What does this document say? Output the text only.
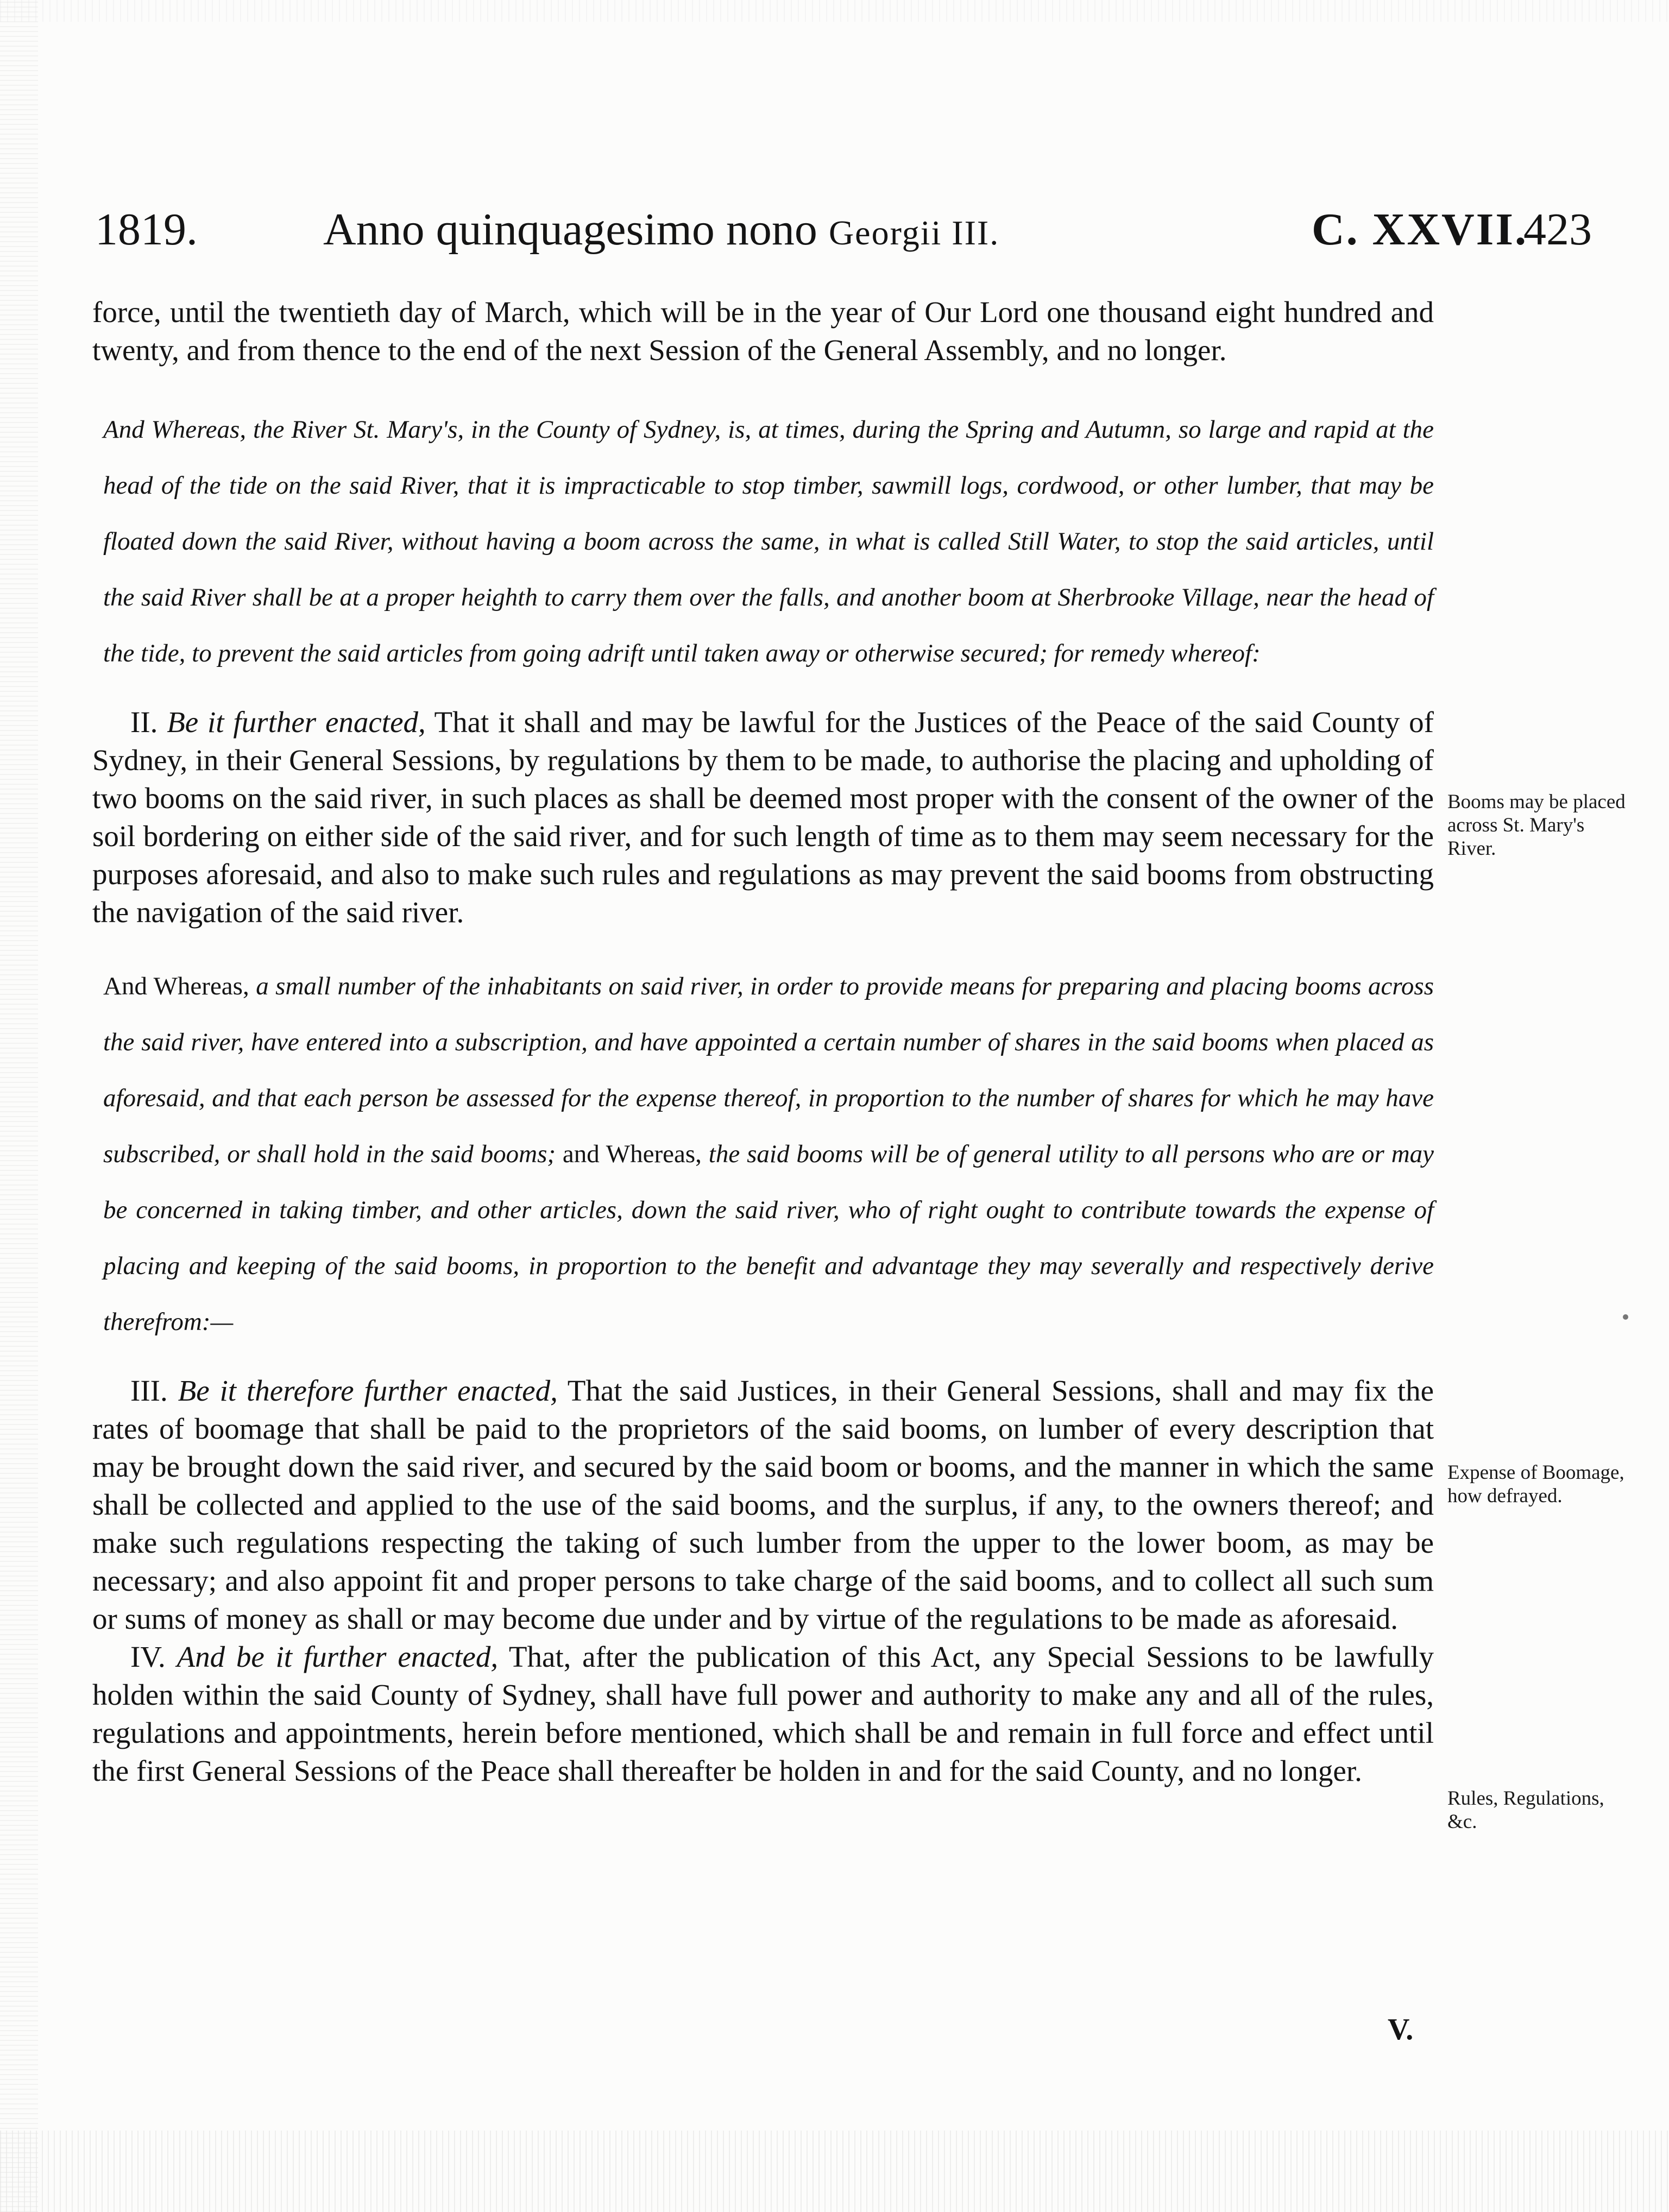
1819.	Anno quinquagesimo nono Georgii III.	C. XXVII.
423

force, until the twentieth day of March, which will be in the year of Our Lord one thousand eight hundred and twenty, and from thence to the end of the next Session of the General Assembly, and no longer.

And Whereas, the River St. Mary's, in the County of Sydney, is, at times, during the Spring and Autumn, so large and rapid at the head of the tide on the said River, that it is impracticable to stop timber, sawmill logs, cordwood, or other lumber, that may be floated down the said River, without having a boom across the same, in what is called Still Water, to stop the said articles, until the said River shall be at a proper heighth to carry them over the falls, and another boom at Sherbrooke Village, near the head of the tide, to prevent the said articles from going adrift until taken away or otherwise secured; for remedy whereof:

II. Be it further enacted, That it shall and may be lawful for the Justices of the Peace of the said County of Sydney, in their General Sessions, by regulations by them to be made, to authorise the placing and upholding of two booms on the said river, in such places as shall be deemed most proper with the consent of the owner of the soil bordering on either side of the said river, and for such length of time as to them may seem necessary for the purposes aforesaid, and also to make such rules and regulations as may prevent the said booms from obstructing the navigation of the said river.

And Whereas, a small number of the inhabitants on said river, in order to provide means for preparing and placing booms across the said river, have entered into a subscription, and have appointed a certain number of shares in the said booms when placed as aforesaid, and that each person be assessed for the expense thereof, in proportion to the number of shares for which he may have subscribed, or shall hold in the said booms; and Whereas, the said booms will be of general utility to all persons who are or may be concerned in taking timber, and other articles, down the said river, who of right ought to contribute towards the expense of placing and keeping of the said booms, in proportion to the benefit and advantage they may severally and respectively derive therefrom:—

III. Be it therefore further enacted, That the said Justices, in their General Sessions, shall and may fix the rates of boomage that shall be paid to the proprietors of the said booms, on lumber of every description that may be brought down the said river, and secured by the said boom or booms, and the manner in which the same shall be collected and applied to the use of the said booms, and the surplus, if any, to the owners thereof; and make such regulations respecting the taking of such lumber from the upper to the lower boom, as may be necessary; and also appoint fit and proper persons to take charge of the said booms, and to collect all such sum or sums of money as shall or may become due under and by virtue of the regulations to be made as aforesaid.

IV. And be it further enacted, That, after the publication of this Act, any Special Sessions to be lawfully holden within the said County of Sydney, shall have full power and authority to make any and all of the rules, regulations and appointments, herein before mentioned, which shall be and remain in full force and effect until the first General Sessions of the Peace shall thereafter be holden in and for the said County, and no longer.

Booms may be placed across St. Mary's River.
Expense of Boomage, how defrayed.
Rules, Regulations, &c.
V.
